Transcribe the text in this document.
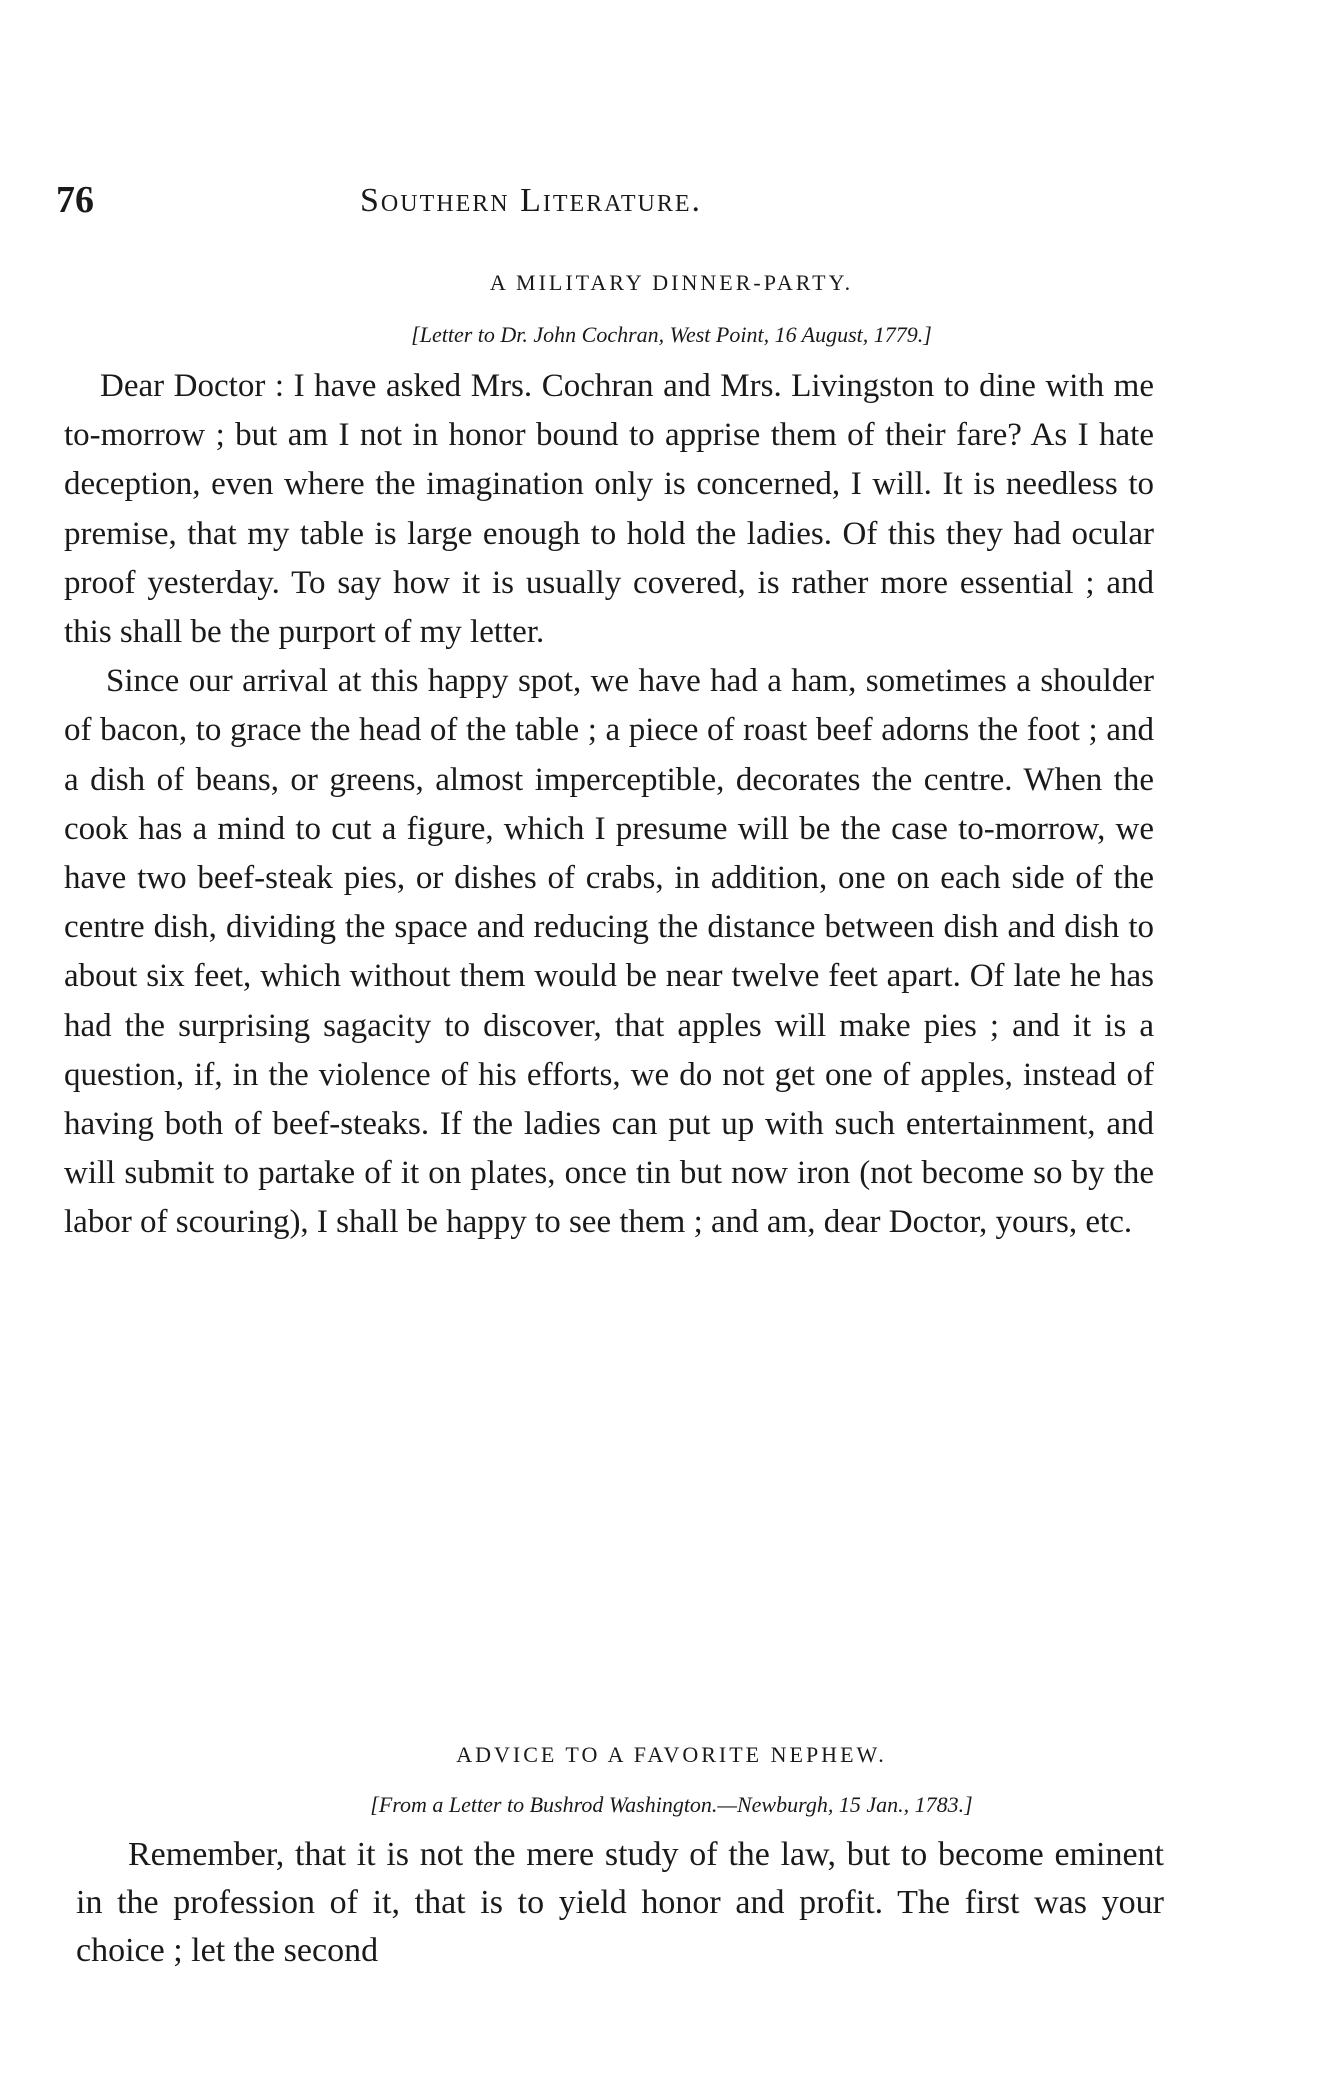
76	Southern Literature.
A MILITARY DINNER-PARTY.
[Letter to Dr. John Cochran, West Point, 16 August, 1779.]

Dear Doctor : I have asked Mrs. Cochran and Mrs. Livingston to dine with me to-morrow ; but am I not in honor bound to apprise them of their fare? As I hate deception, even where the imagination only is concerned, I will. It is needless to premise, that my table is large enough to hold the ladies. Of this they had ocular proof yesterday. To say how it is usually covered, is rather more essential ; and this shall be the purport of my letter.

Since our arrival at this happy spot, we have had a ham, sometimes a shoulder of bacon, to grace the head of the table ; a piece of roast beef adorns the foot ; and a dish of beans, or greens, almost imperceptible, decorates the centre. When the cook has a mind to cut a figure, which I presume will be the case to-morrow, we have two beef-steak pies, or dishes of crabs, in addition, one on each side of the centre dish, dividing the space and reducing the distance between dish and dish to about six feet, which without them would be near twelve feet apart. Of late he has had the surprising sagacity to discover, that apples will make pies ; and it is a question, if, in the violence of his efforts, we do not get one of apples, instead of having both of beef-steaks. If the ladies can put up with such entertainment, and will submit to partake of it on plates, once tin but now iron (not become so by the labor of scouring), I shall be happy to see them ; and am, dear Doctor, yours, etc.

ADVICE TO A FAVORITE NEPHEW.
[From a Letter to Bushrod Washington.—Newburgh, 15 Jan., 1783.]

Remember, that it is not the mere study of the law, but to become eminent in the profession of it, that is to yield honor and profit. The first was your choice ; let the second
